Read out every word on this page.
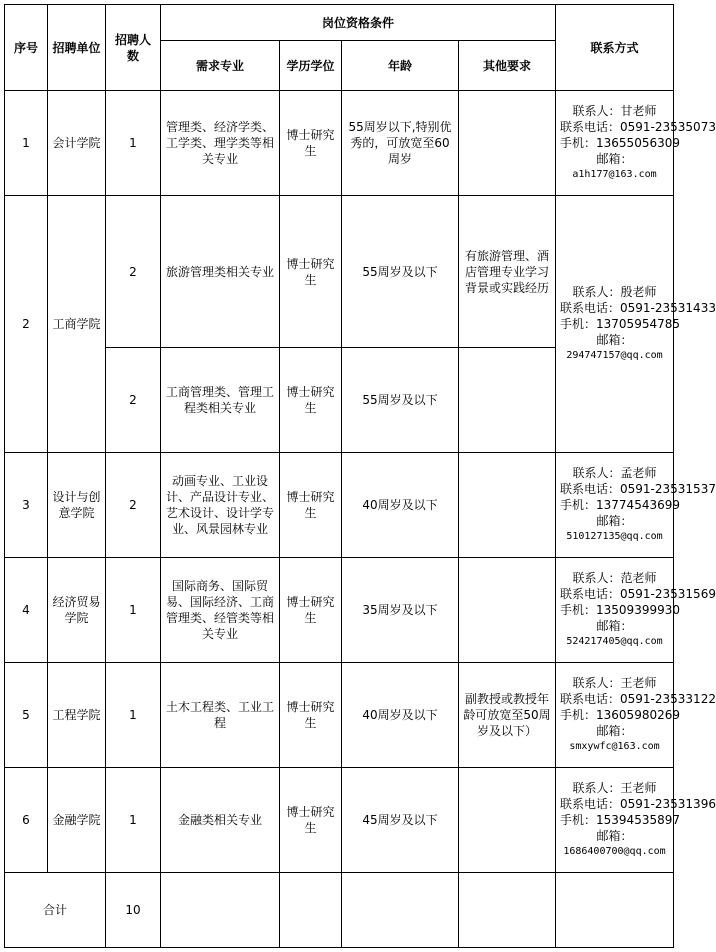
序号	招聘单位	招聘人数	岗位资格条件				联系方式
			需求专业	学历学位	年龄	其他要求	
1	会计学院	1	管理类、经济学类、工学类、理学类等相关专业	博士研究生	55周岁以下,特别优秀的，可放宽至60周岁		联系人：甘老师
联系电话：0591-23535073
手机：13655056309
邮箱：
a1h177@163.com

2	工商学院	2	旅游管理类相关专业	博士研究生	55周岁及以下	有旅游管理、酒店管理专业学习背景或实践经历	联系人：殷老师
联系电话：0591-23531433
手机：13705954785
邮箱：
294747157@qq.com

		2	工商管理类、管理工程类相关专业	博士研究生	55周岁及以下		
3	设计与创意学院	2	动画专业、工业设计、产品设计专业、艺术设计、设计学专业、风景园林专业	博士研究生	40周岁及以下		联系人：孟老师
联系电话：0591-23531537
手机：13774543699
邮箱：
510127135@qq.com

4	经济贸易学院	1	国际商务、国际贸易、国际经济、工商管理类、经管类等相关专业	博士研究生	35周岁及以下		联系人：范老师
联系电话：0591-23531569
手机：13509399930
邮箱：
524217405@qq.com

5	工程学院	1	土木工程类、工业工程	博士研究生	40周岁及以下	副教授或教授年龄可放宽至50周岁及以下）	联系人：王老师
联系电话：0591-23533122
手机：13605980269
邮箱：
smxywfc@163.com

6	金融学院	1	金融类相关专业	博士研究生	45周岁及以下		联系人：王老师
联系电话：0591-23531396
手机：15394535897
邮箱：
1686400700@qq.com

合计		10					
